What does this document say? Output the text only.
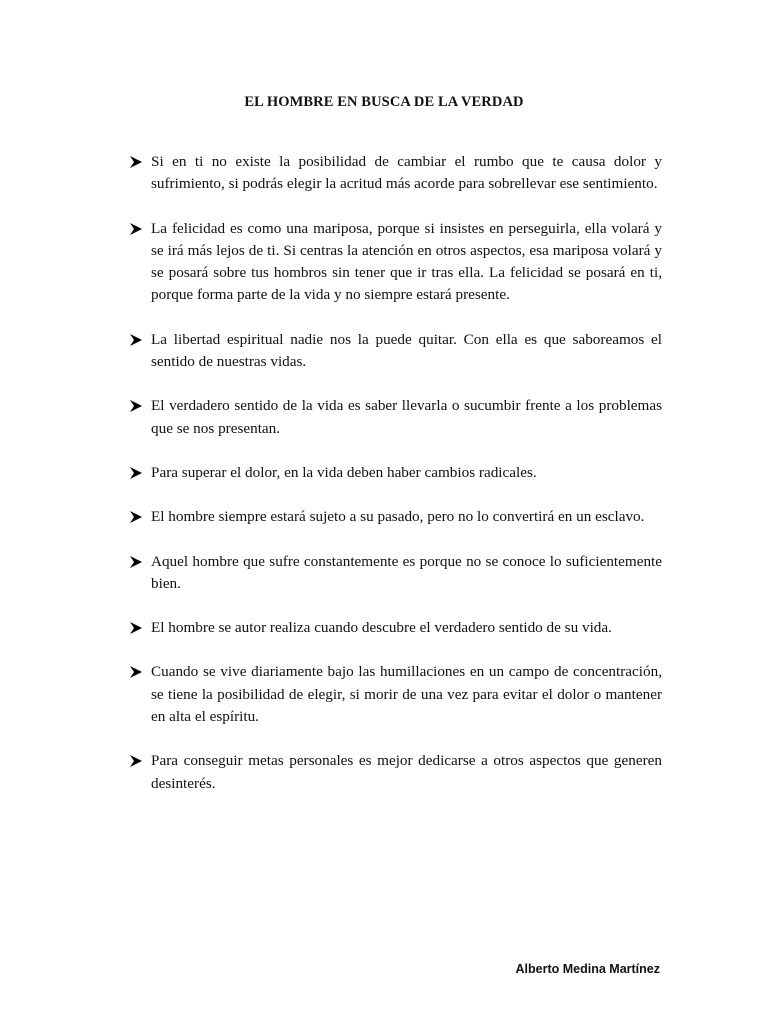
EL HOMBRE EN BUSCA DE LA VERDAD
Si en ti no existe la posibilidad de cambiar el rumbo que te causa dolor y sufrimiento, si podrás elegir la acritud más acorde para sobrellevar ese sentimiento.
La felicidad es como una mariposa, porque si insistes en perseguirla, ella volará y se irá más lejos de ti. Si centras la atención en otros aspectos, esa mariposa volará y se posará sobre tus hombros sin tener que ir tras ella. La felicidad se posará en ti, porque forma parte de la vida y no siempre estará presente.
La libertad espiritual nadie nos la puede quitar. Con ella es que saboreamos el sentido de nuestras vidas.
El verdadero sentido de la vida es saber llevarla o sucumbir frente a los problemas que se nos presentan.
Para superar el dolor, en la vida deben haber cambios radicales.
El hombre siempre estará sujeto a su pasado, pero no lo convertirá en un esclavo.
Aquel hombre que sufre constantemente es porque no se conoce lo suficientemente bien.
El hombre se autor realiza cuando descubre el verdadero sentido de su vida.
Cuando se vive diariamente bajo las humillaciones en un campo de concentración, se tiene la posibilidad de elegir, si morir de una vez para evitar el dolor o mantener en alta el espíritu.
Para conseguir metas personales es mejor dedicarse a otros aspectos que generen desinterés.
Alberto Medina Martínez
